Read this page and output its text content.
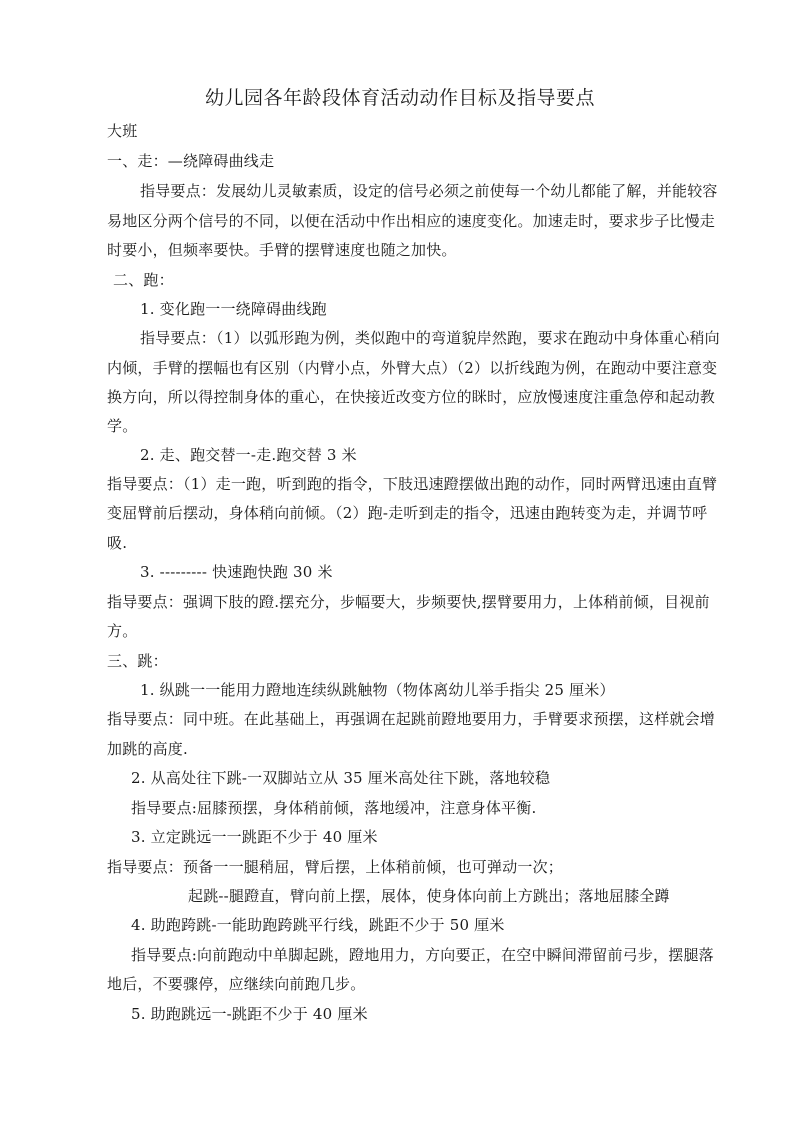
幼儿园各年龄段体育活动动作目标及指导要点
大班
一、走：—绕障碍曲线走
指导要点：发展幼儿灵敏素质，设定的信号必须之前使每一个幼儿都能了解，并能较容
易地区分两个信号的不同，以便在活动中作出相应的速度变化。加速走时，要求步子比慢走
时要小，但频率要快。手臂的摆臂速度也随之加快。
二、跑：
1. 变化跑一一绕障碍曲线跑
指导要点：（1）以弧形跑为例，类似跑中的弯道貌岸然跑，要求在跑动中身体重心稍向
内倾，手臂的摆幅也有区别（内臂小点，外臂大点）（2）以折线跑为例，在跑动中要注意变
换方向，所以得控制身体的重心，在快接近改变方位的眯时，应放慢速度注重急停和起动教
学。
2. 走、跑交替一-走.跑交替 3 米
指导要点：（1）走一跑，听到跑的指令，下肢迅速蹬摆做出跑的动作，同时两臂迅速由直臂
变屈臂前后摆动，身体稍向前倾。（2）跑-走听到走的指令，迅速由跑转变为走，并调节呼
吸.
3. --------- 快速跑快跑 30 米
指导要点：强调下肢的蹬.摆充分，步幅要大，步频要快,摆臂要用力，上体稍前倾，目视前
方。
三、跳：
1. 纵跳一一能用力蹬地连续纵跳触物（物体离幼儿举手指尖 25 厘米）
指导要点：同中班。在此基础上，再强调在起跳前蹬地要用力，手臂要求预摆，这样就会增
加跳的高度.
2. 从高处往下跳-一双脚站立从 35 厘米高处往下跳，落地较稳
指导要点:屈膝预摆，身体稍前倾，落地缓冲，注意身体平衡.
3. 立定跳远一一跳距不少于 40 厘米
指导要点：预备一一腿稍屈，臂后摆，上体稍前倾，也可弹动一次；
起跳--腿蹬直，臂向前上摆，展体，使身体向前上方跳出；落地屈膝全蹲
4. 助跑跨跳-一能助跑跨跳平行线，跳距不少于 50 厘米
指导要点:向前跑动中单脚起跳，蹬地用力，方向要正，在空中瞬间滞留前弓步，摆腿落
地后，不要骤停，应继续向前跑几步。
5. 助跑跳远一-跳距不少于 40 厘米
